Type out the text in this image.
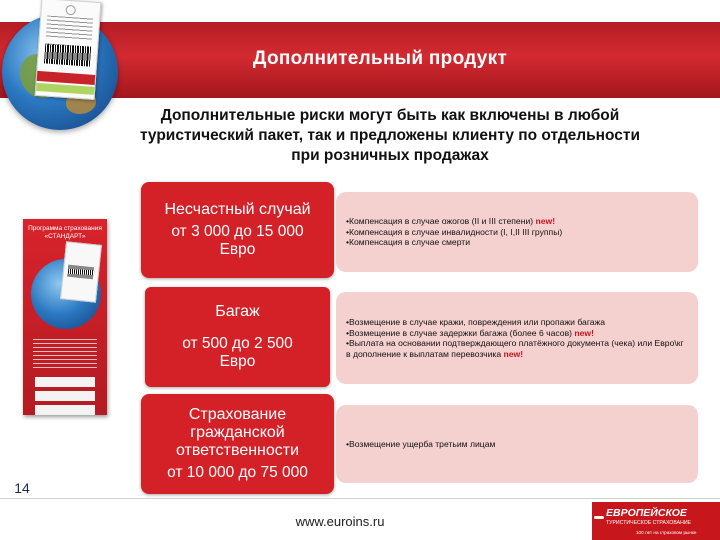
Дополнительный продукт
Дополнительные риски могут быть как включены в любой
туристический пакет, так и предложены клиенту по отдельности
при розничных продажах
Программа страхования
«СТАНДАРТ»
Несчастный случай
от 3 000 до 15 000 Евро
•Компенсация в случае ожогов (II и III степени) new!
•Компенсация в случае инвалидности (I, I,II III группы)
•Компенсация в случае смерти
Багаж
от 500 до 2 500 Евро
•Возмещение в случае кражи, повреждения или пропажи багажа
•Возмещение в случае задержки багажа (более 6 часов) new!
•Выплата на основании подтверждающего платёжного документа (чека) или Евро\кг в дополнение к выплатам перевозчика new!
Страхование гражданской ответственности
от 10 000 до 75 000
•Возмещение ущерба третьим лицам
14
www.euroins.ru
ЕВРОПЕЙСКОЕ
ТУРИСТИЧЕСКОЕ СТРАХОВАНИЕ
100 лет на страховом рынке
